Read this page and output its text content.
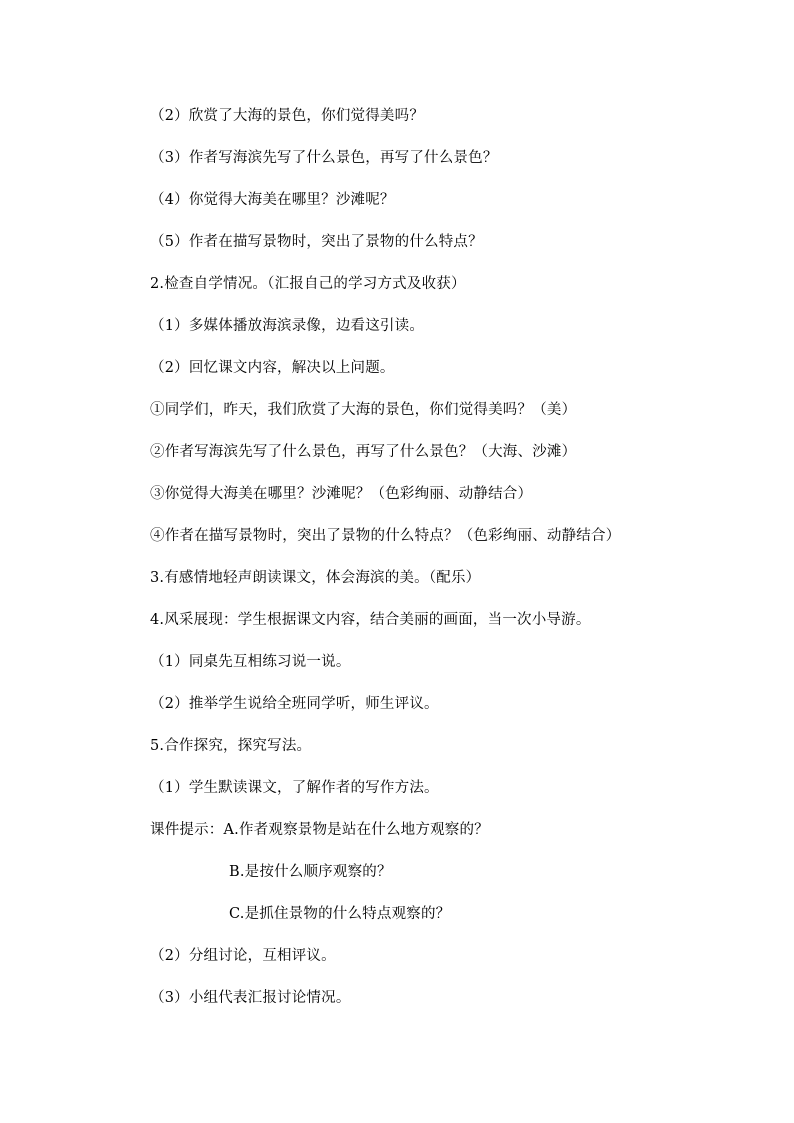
（2）欣赏了大海的景色，你们觉得美吗？
（3）作者写海滨先写了什么景色，再写了什么景色？
（4）你觉得大海美在哪里？沙滩呢？
（5）作者在描写景物时，突出了景物的什么特点？
2.检查自学情况。（汇报自己的学习方式及收获）
（1）多媒体播放海滨录像，边看这引读。
（2）回忆课文内容，解决以上问题。
①同学们，昨天，我们欣赏了大海的景色，你们觉得美吗？（美）
②作者写海滨先写了什么景色，再写了什么景色？（大海、沙滩）
③你觉得大海美在哪里？沙滩呢？（色彩绚丽、动静结合）
④作者在描写景物时，突出了景物的什么特点？（色彩绚丽、动静结合）
3.有感情地轻声朗读课文，体会海滨的美。（配乐）
4.风采展现：学生根据课文内容，结合美丽的画面，当一次小导游。
（1）同桌先互相练习说一说。
（2）推举学生说给全班同学听，师生评议。
5.合作探究，探究写法。
（1）学生默读课文，了解作者的写作方法。
课件提示：A.作者观察景物是站在什么地方观察的？
B.是按什么顺序观察的？
C.是抓住景物的什么特点观察的？
（2）分组讨论，互相评议。
（3）小组代表汇报讨论情况。
